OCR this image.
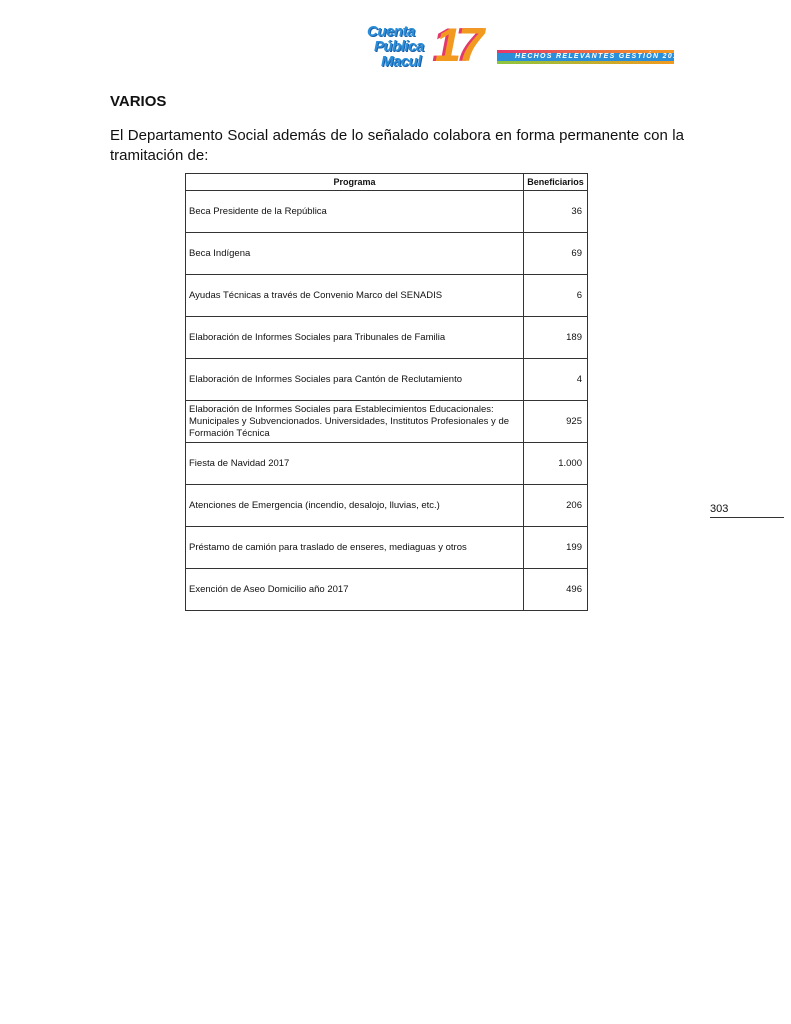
Cuenta
Pública
Macul 17	HECHOS RELEVANTES GESTIÓN 2017
VARIOS
El Departamento Social además de lo señalado colabora en forma permanente con la tramitación de:
Programa	Beneficiarios
Beca Presidente de la República	36
Beca Indígena	69
Ayudas Técnicas a través de Convenio Marco del SENADIS	6
Elaboración de Informes Sociales para Tribunales de Familia	189
Elaboración de Informes Sociales para Cantón de Reclutamiento	4
Elaboración de Informes Sociales para Establecimientos Educacionales: Municipales y Subvencionados. Universidades, Institutos Profesionales y de Formación Técnica	925
Fiesta de Navidad 2017	1.000
Atenciones de Emergencia (incendio, desalojo, lluvias, etc.)	206
Préstamo de camión para traslado de enseres, mediaguas y otros	199
Exención de Aseo Domicilio año 2017	496
303
